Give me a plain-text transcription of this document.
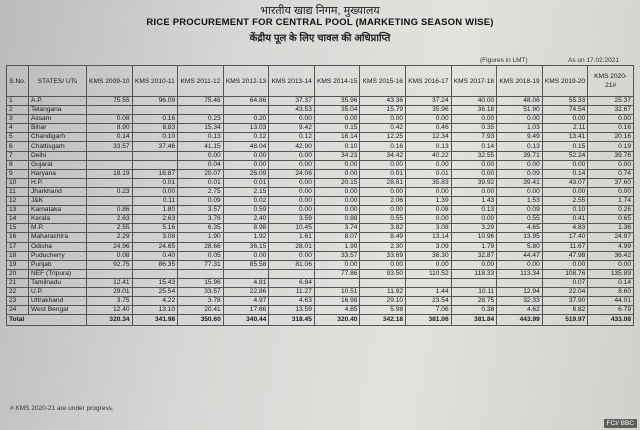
भारतीय खाद्य निगम, मुख्यालय
RICE PROCUREMENT FOR CENTRAL POOL (MARKETING SEASON WISE)
केंद्रीय पूल के लिए चावल की अधिप्राप्ति
(Figures in LMT)	As on 17.02.2021
S.No.	STATES/ UTs	KMS 2009-10	KMS 2010-11	KMS 2011-12	KMS 2012-13	KMS 2013-14	KMS 2014-15	KMS 2015-16	KMS 2016-17	KMS 2017-18	KMS 2018-19	KMS 2019-20	KMS 2020-21#
1	A.P.	75.55	96.09	75.48	64.86	37.37	35.96	43.36	37.24	40.00	48.06	55.33	25.37
2	Telangana					43.53	35.04	15.79	35.96	36.18	51.90	74.54	32.67
3	Assam	0.08	0.16	0.23	0.20	0.00	0.00	0.00	0.00	0.00	0.00	0.00	0.00
4	Bihar	8.90	8.83	15.34	13.03	9.42	0.15	0.42	0.46	0.35	1.03	2.11	0.16
5	Chandigarh	0.14	0.10	0.13	0.12	0.12	16.14	12.25	12.34	7.93	9.49	13.41	20.16
6	Chattisgarh	33.57	37.46	41.15	48.04	42.90	0.10	0.16	0.13	0.14	0.13	0.15	0.19
7	Delhi			0.00	0.00	0.00	34.23	34.42	40.22	32.55	39.71	52.24	39.76
8	Gujarat			0.04	0.00	0.00	0.00	0.00	0.00	0.00	0.00	0.00	0.00
9	Haryana	18.19	16.87	20.07	26.09	24.06	0.00	0.01	0.01	0.00	0.09	0.14	0.74
10	H.P.		0.01	0.01	0.01	0.00	20.15	28.61	35.83	39.92	39.41	43.07	37.60
11	Jharkhand	0.23	0.00	2.75	2.15	0.00	0.00	0.00	0.00	0.00	0.00	0.00	0.00
12	J&K		0.11	0.09	0.02	0.00	0.00	2.06	1.39	1.43	1.53	2.55	1.74
13	Karnataka	0.86	1.80	3.57	0.59	0.00	0.00	0.00	0.08	0.13	0.09	0.10	0.26
14	Kerala	2.63	2.63	3.76	2.40	3.59	0.88	0.55	0.00	0.00	0.55	0.41	0.65
15	M.P.	2.55	5.16	6.35	8.98	10.45	3.74	3.82	3.08	3.29	4.65	4.83	1.36
16	Maharashtra	2.29	3.08	1.90	1.92	1.61	8.07	8.49	13.14	10.96	13.95	17.40	24.97
17	Odisha	24.96	24.65	28.66	36.15	28.01	1.99	2.30	3.09	1.79	5.80	11.67	4.99
18	Puducherry	0.08	0.40	0.05	0.00	0.00	33.57	33.69	36.30	32.87	44.47	47.98	36.42
19	Punjab	92.75	86.35	77.31	85.58	81.06	0.00	0.00	0.00	0.00	0.00	0.00	0.00
20	NEF (Tripura)						77.86	93.50	110.52	118.33	113.34	108.76	135.89
21	Tamilnadu	12.41	15.43	15.96	4.81	6.84						0.07	0.14
22	U.P.	29.01	25.54	33.57	22.86	11.27	10.51	11.92	1.44	10.11	12.94	22.04	8.60
23	Uttrakhand	3.75	4.22	3.78	4.97	4.63	16.98	29.10	23.54	28.75	32.33	37.90	44.01
24	West Bengal	12.40	13.10	20.41	17.66	13.59	4.65	5.98	7.06	0.38	4.62	6.82	6.79
Total		320.34	341.98	350.60	340.44	318.45	320.40	342.18	381.06	381.84	443.99	519.97	433.08
# KMS 2020-21 are under progress.
FCI/ BBC
